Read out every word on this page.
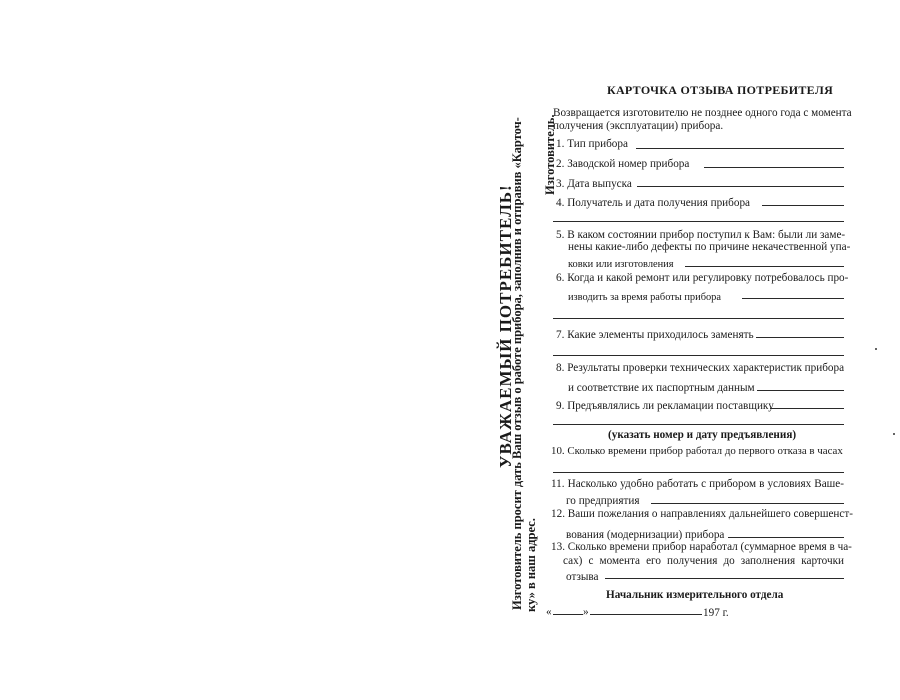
УВАЖАЕМЫЙ ПОТРЕБИТЕЛЬ!
Изготовитель просит дать Ваш отзыв о работе прибора, заполнив и отправив «Карточ- ку» в наш адрес.
Изготовитель.
КАРТОЧКА ОТЗЫВА ПОТРЕБИТЕЛЯ
Возвращается изготовителю не позднее одного года с момента
получения (эксплуатации) прибора.
1. Тип прибора
2. Заводской номер прибора
3. Дата выпуска
4. Получатель и дата получения прибора
5. В каком состоянии прибор поступил к Вам: были ли заме-
нены какие-либо дефекты по причине некачественной упа-
ковки или изготовления
6. Когда и какой ремонт или регулировку потребовалось про-
изводить за время работы прибора
7. Какие элементы приходилось заменять
8. Результаты проверки технических характеристик прибора
и соответствие их паспортным данным
9. Предъявлялись ли рекламации поставщику
(указать номер и дату предъявления)
10. Сколько времени прибор работал до первого отказа в часах
11. Насколько удобно работать с прибором в условиях Ваше-
го предприятия
12. Ваши пожелания о направлениях дальнейшего совершенст-
вования (модернизации) прибора
13. Сколько времени прибор наработал (суммарное время в ча-
сах) с момента его получения до заполнения карточки
отзыва
Начальник измерительного отдела
«	»	197 г.
